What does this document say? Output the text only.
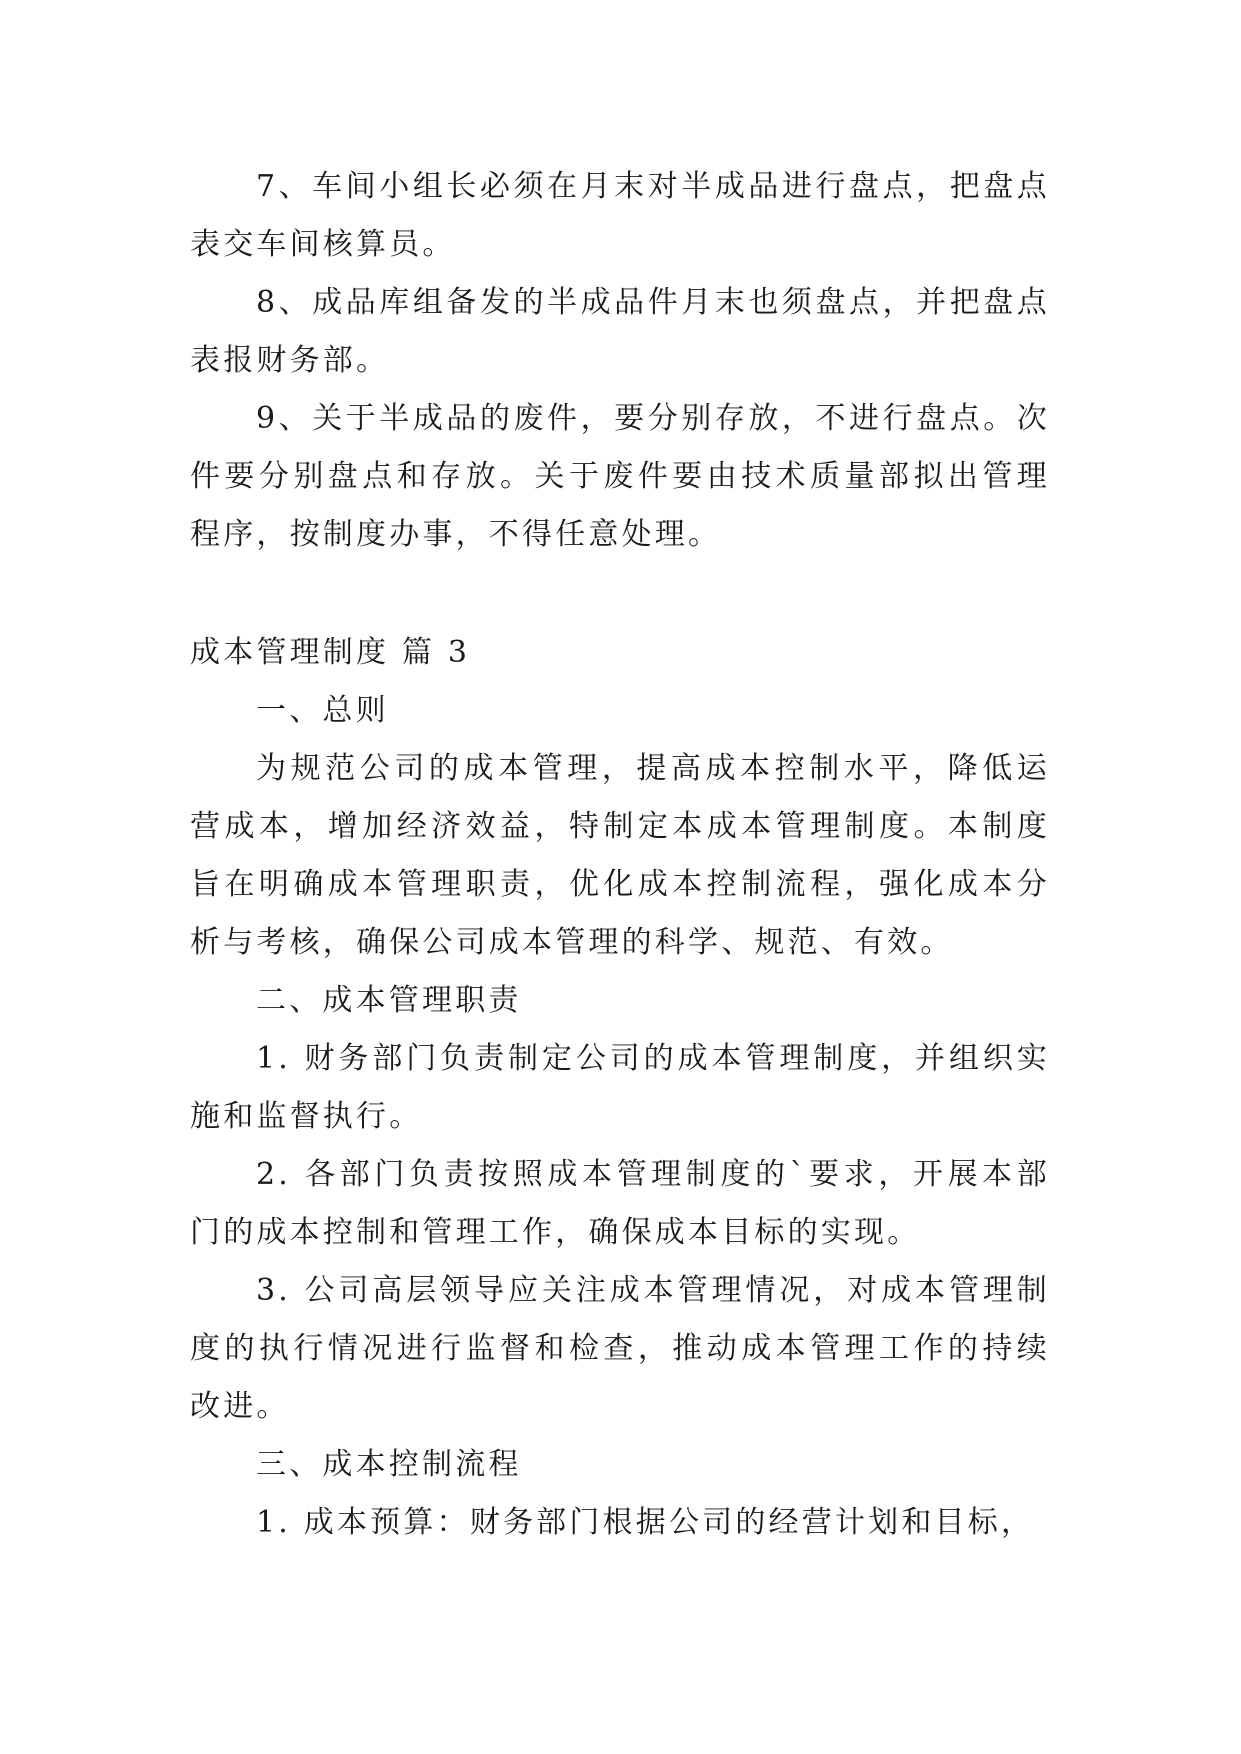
7、车间小组长必须在月末对半成品进行盘点，把盘点表交车间核算员。

8、成品库组备发的半成品件月末也须盘点，并把盘点表报财务部。

9、关于半成品的废件，要分别存放，不进行盘点。次件要分别盘点和存放。关于废件要由技术质量部拟出管理程序，按制度办事，不得任意处理。

成本管理制度 篇 3

一、总则

为规范公司的成本管理，提高成本控制水平，降低运营成本，增加经济效益，特制定本成本管理制度。本制度旨在明确成本管理职责，优化成本控制流程，强化成本分析与考核，确保公司成本管理的科学、规范、有效。

二、成本管理职责

1. 财务部门负责制定公司的成本管理制度，并组织实施和监督执行。

2. 各部门负责按照成本管理制度的`要求，开展本部门的成本控制和管理工作，确保成本目标的实现。

3. 公司高层领导应关注成本管理情况，对成本管理制度的执行情况进行监督和检查，推动成本管理工作的持续改进。

三、成本控制流程

1. 成本预算：财务部门根据公司的经营计划和目标，
